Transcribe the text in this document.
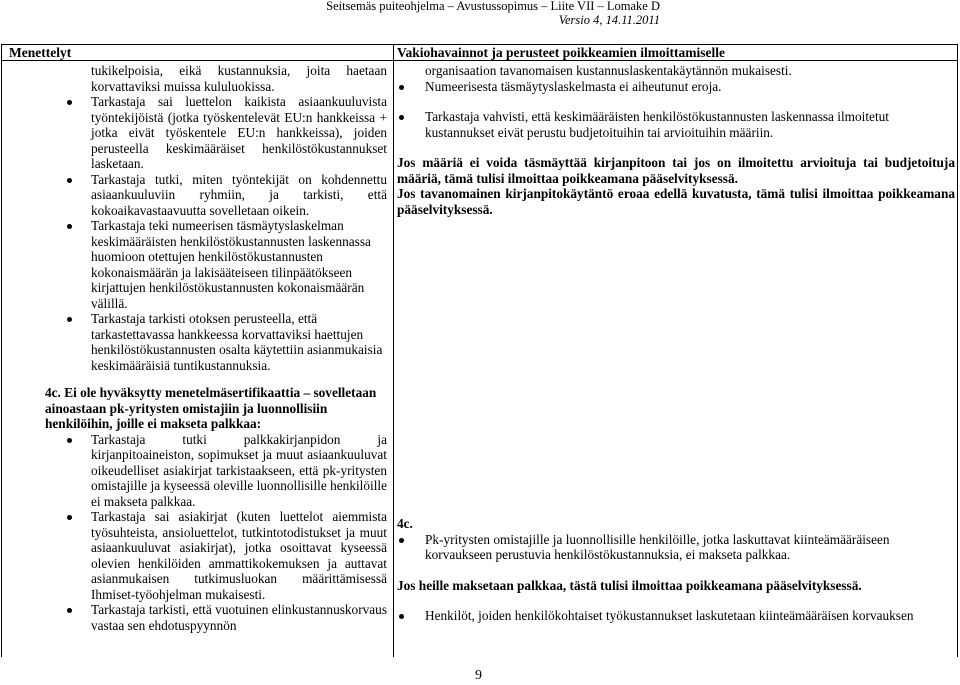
Seitsemäs puiteohjelma – Avustussopimus – Liite VII – Lomake D
Versio 4, 14.11.2011
Menettelyt	Vakiohavainnot ja perusteet poikkeamien ilmoittamiselle

tukikelpoisia, eikä kustannuksia, joita haetaan korvattaviksi muissa kululuokissa.

Tarkastaja sai luettelon kaikista asiaankuuluvista työntekijöistä (jotka työskentelevät EU:n hankkeissa + jotka eivät työskentele EU:n hankkeissa), joiden perusteella keskimääräiset henkilöstökustannukset lasketaan.

Tarkastaja tutki, miten työntekijät on kohdennettu asiaankuuluviin ryhmiin, ja tarkisti, että kokoaikavastaavuutta sovelletaan oikein.

Tarkastaja teki numeerisen täsmäytyslaskelman keskimääräisten henkilöstökustannusten laskennassa huomioon otettujen henkilöstökustannusten kokonaismäärän ja lakisääteiseen tilinpäätökseen kirjattujen henkilöstökustannusten kokonaismäärän välillä.

Tarkastaja tarkisti otoksen perusteella, että tarkastettavassa hankkeessa korvattaviksi haettujen henkilöstökustannusten osalta käytettiin asianmukaisia keskimääräisiä tuntikustannuksia.

4c. Ei ole hyväksytty menetelmäsertifikaattia – sovelletaan ainoastaan pk-yritysten omistajiin ja luonnollisiin henkilöihin, joille ei makseta palkkaa:

Tarkastaja tutki palkkakirjanpidon ja kirjanpitoaineiston, sopimukset ja muut asiaankuuluvat oikeudelliset asiakirjat tarkistaakseen, että pk-yritysten omistajille ja kyseessä oleville luonnollisille henkilöille ei makseta palkkaa.

Tarkastaja sai asiakirjat (kuten luettelot aiemmista työsuhteista, ansioluettelot, tutkintotodistukset ja muut asiaankuuluvat asiakirjat), jotka osoittavat kyseessä olevien henkilöiden ammattikokemuksen ja auttavat asianmukaisen tutkimusluokan määrittämisessä Ihmiset-työohjelman mukaisesti.

Tarkastaja tarkisti, että vuotuinen elinkustannuskorvaus vastaa sen ehdotuspyynnön

organisaation tavanomaisen kustannuslaskentakäytännön mukaisesti.

Numeerisesta täsmäytyslaskelmasta ei aiheutunut eroja.

Tarkastaja vahvisti, että keskimääräisten henkilöstökustannusten laskennassa ilmoitetut kustannukset eivät perustu budjetoituihin tai arvioituihin määriin.

Jos määriä ei voida täsmäyttää kirjanpitoon tai jos on ilmoitettu arvioituja tai budjetoituja määriä, tämä tulisi ilmoittaa poikkeamana pääselvityksessä.

Jos tavanomainen kirjanpitokäytäntö eroaa edellä kuvatusta, tämä tulisi ilmoittaa poikkeamana pääselvityksessä.

4c.

Pk-yritysten omistajille ja luonnollisille henkilöille, jotka laskuttavat kiinteämääräiseen korvaukseen perustuvia henkilöstökustannuksia, ei makseta palkkaa.

Jos heille maksetaan palkkaa, tästä tulisi ilmoittaa poikkeamana pääselvityksessä.

Henkilöt, joiden henkilökohtaiset työkustannukset laskutetaan kiinteämääräisen korvauksen

9
